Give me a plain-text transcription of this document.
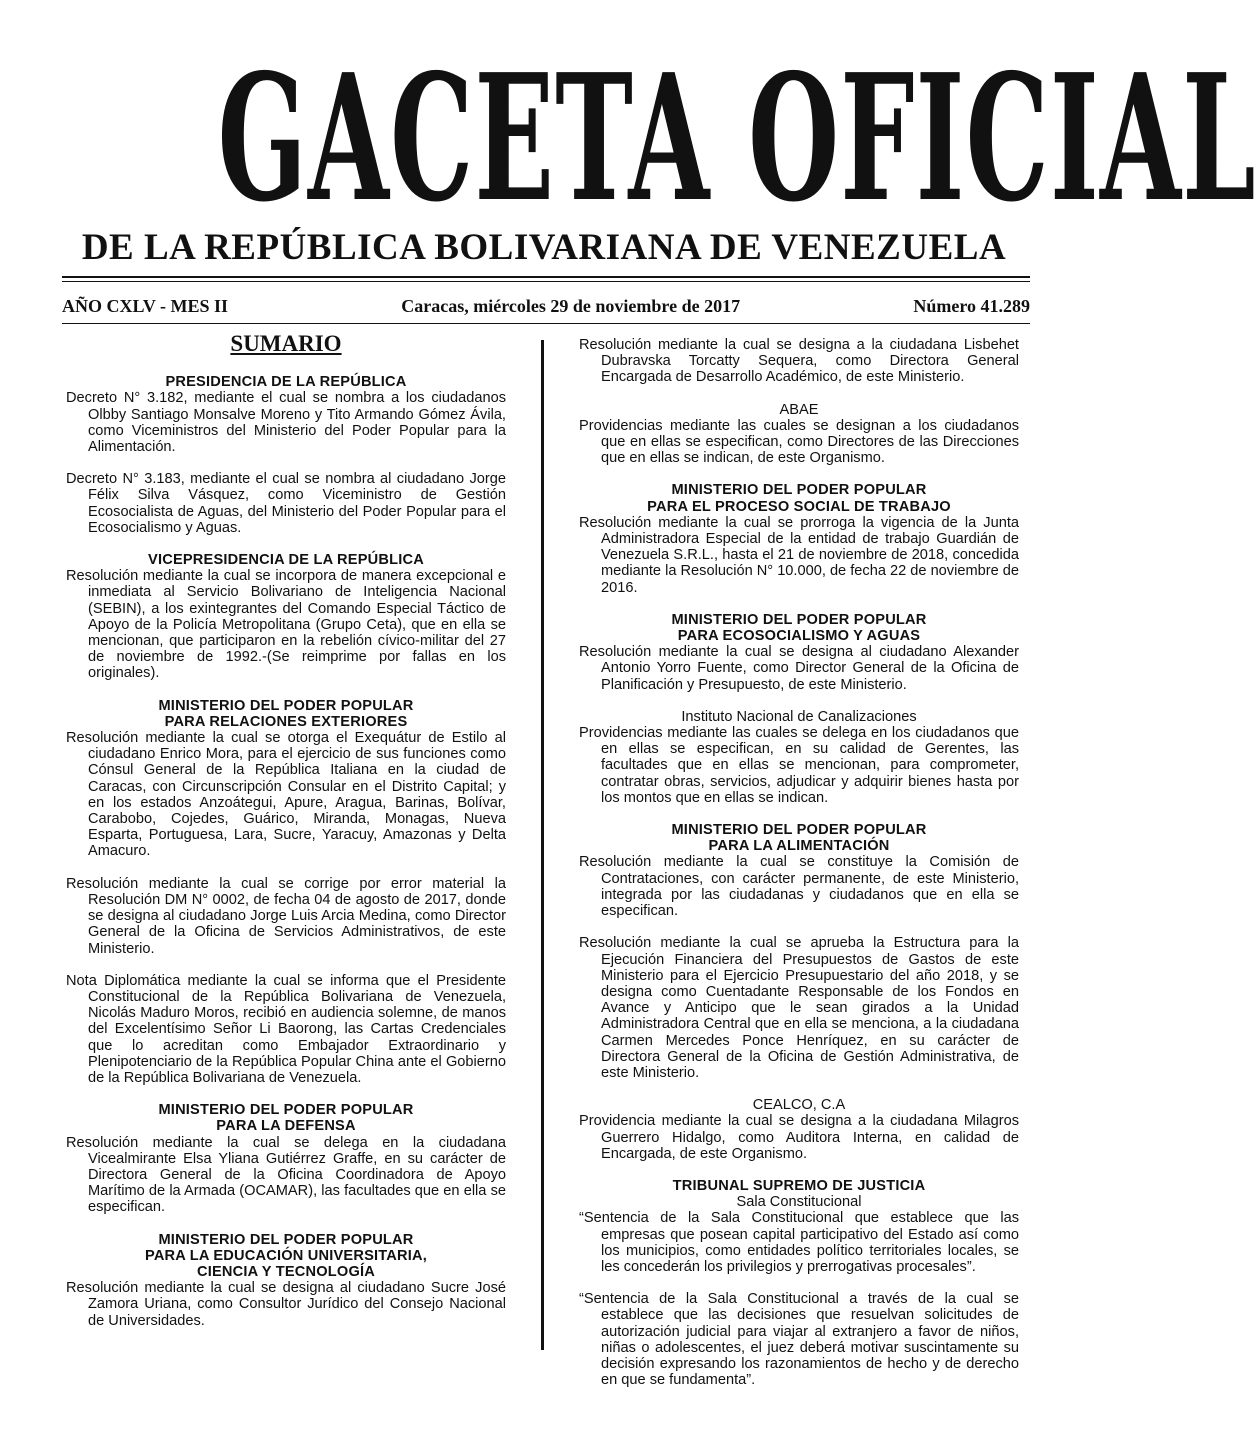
GACETA OFICIAL
DE LA REPÚBLICA BOLIVARIANA DE VENEZUELA
AÑO CXLV - MES II	Caracas, miércoles 29 de noviembre de 2017	Número 41.289
SUMARIO

PRESIDENCIA DE LA REPÚBLICA

Decreto N° 3.182, mediante el cual se nombra a los ciudadanos Olbby Santiago Monsalve Moreno y Tito Armando Gómez Ávila, como Viceministros del Ministerio del Poder Popular para la Alimentación.

Decreto N° 3.183, mediante el cual se nombra al ciudadano Jorge Félix Silva Vásquez, como Viceministro de Gestión Ecosocialista de Aguas, del Ministerio del Poder Popular para el Ecosocialismo y Aguas.

VICEPRESIDENCIA DE LA REPÚBLICA

Resolución mediante la cual se incorpora de manera excepcional e inmediata al Servicio Bolivariano de Inteligencia Nacional (SEBIN), a los exintegrantes del Comando Especial Táctico de Apoyo de la Policía Metropolitana (Grupo Ceta), que en ella se mencionan, que participaron en la rebelión cívico-militar del 27 de noviembre de 1992.-(Se reimprime por fallas en los originales).

MINISTERIO DEL PODER POPULAR

PARA RELACIONES EXTERIORES

Resolución mediante la cual se otorga el Exequátur de Estilo al ciudadano Enrico Mora, para el ejercicio de sus funciones como Cónsul General de la República Italiana en la ciudad de Caracas, con Circunscripción Consular en el Distrito Capital; y en los estados Anzoátegui, Apure, Aragua, Barinas, Bolívar, Carabobo, Cojedes, Guárico, Miranda, Monagas, Nueva Esparta, Portuguesa, Lara, Sucre, Yaracuy, Amazonas y Delta Amacuro.

Resolución mediante la cual se corrige por error material la Resolución DM N° 0002, de fecha 04 de agosto de 2017, donde se designa al ciudadano Jorge Luis Arcia Medina, como Director General de la Oficina de Servicios Administrativos, de este Ministerio.

Nota Diplomática mediante la cual se informa que el Presidente Constitucional de la República Bolivariana de Venezuela, Nicolás Maduro Moros, recibió en audiencia solemne, de manos del Excelentísimo Señor Li Baorong, las Cartas Credenciales que lo acreditan como Embajador Extraordinario y Plenipotenciario de la República Popular China ante el Gobierno de la República Bolivariana de Venezuela.

MINISTERIO DEL PODER POPULAR

PARA LA DEFENSA

Resolución mediante la cual se delega en la ciudadana Vicealmirante Elsa Yliana Gutiérrez Graffe, en su carácter de Directora General de la Oficina Coordinadora de Apoyo Marítimo de la Armada (OCAMAR), las facultades que en ella se especifican.

MINISTERIO DEL PODER POPULAR

PARA LA EDUCACIÓN UNIVERSITARIA,

CIENCIA Y TECNOLOGÍA

Resolución mediante la cual se designa al ciudadano Sucre José Zamora Uriana, como Consultor Jurídico del Consejo Nacional de Universidades.

Resolución mediante la cual se designa a la ciudadana Lisbehet Dubravska Torcatty Sequera, como Directora General Encargada de Desarrollo Académico, de este Ministerio.

ABAE

Providencias mediante las cuales se designan a los ciudadanos que en ellas se especifican, como Directores de las Direcciones que en ellas se indican, de este Organismo.

MINISTERIO DEL PODER POPULAR

PARA EL PROCESO SOCIAL DE TRABAJO

Resolución mediante la cual se prorroga la vigencia de la Junta Administradora Especial de la entidad de trabajo Guardián de Venezuela S.R.L., hasta el 21 de noviembre de 2018, concedida mediante la Resolución N° 10.000, de fecha 22 de noviembre de 2016.

MINISTERIO DEL PODER POPULAR

PARA ECOSOCIALISMO Y AGUAS

Resolución mediante la cual se designa al ciudadano Alexander Antonio Yorro Fuente, como Director General de la Oficina de Planificación y Presupuesto, de este Ministerio.

Instituto Nacional de Canalizaciones

Providencias mediante las cuales se delega en los ciudadanos que en ellas se especifican, en su calidad de Gerentes, las facultades que en ellas se mencionan, para comprometer, contratar obras, servicios, adjudicar y adquirir bienes hasta por los montos que en ellas se indican.

MINISTERIO DEL PODER POPULAR

PARA LA ALIMENTACIÓN

Resolución mediante la cual se constituye la Comisión de Contrataciones, con carácter permanente, de este Ministerio, integrada por las ciudadanas y ciudadanos que en ella se especifican.

Resolución mediante la cual se aprueba la Estructura para la Ejecución Financiera del Presupuestos de Gastos de este Ministerio para el Ejercicio Presupuestario del año 2018, y se designa como Cuentadante Responsable de los Fondos en Avance y Anticipo que le sean girados a la Unidad Administradora Central que en ella se menciona, a la ciudadana Carmen Mercedes Ponce Henríquez, en su carácter de Directora General de la Oficina de Gestión Administrativa, de este Ministerio.

CEALCO, C.A

Providencia mediante la cual se designa a la ciudadana Milagros Guerrero Hidalgo, como Auditora Interna, en calidad de Encargada, de este Organismo.

TRIBUNAL SUPREMO DE JUSTICIA

Sala Constitucional

“Sentencia de la Sala Constitucional que establece que las empresas que posean capital participativo del Estado así como los municipios, como entidades político territoriales locales, se les concederán los privilegios y prerrogativas procesales”.

“Sentencia de la Sala Constitucional a través de la cual se establece que las decisiones que resuelvan solicitudes de autorización judicial para viajar al extranjero a favor de niños, niñas o adolescentes, el juez deberá motivar suscintamente su decisión expresando los razonamientos de hecho y de derecho en que se fundamenta”.
